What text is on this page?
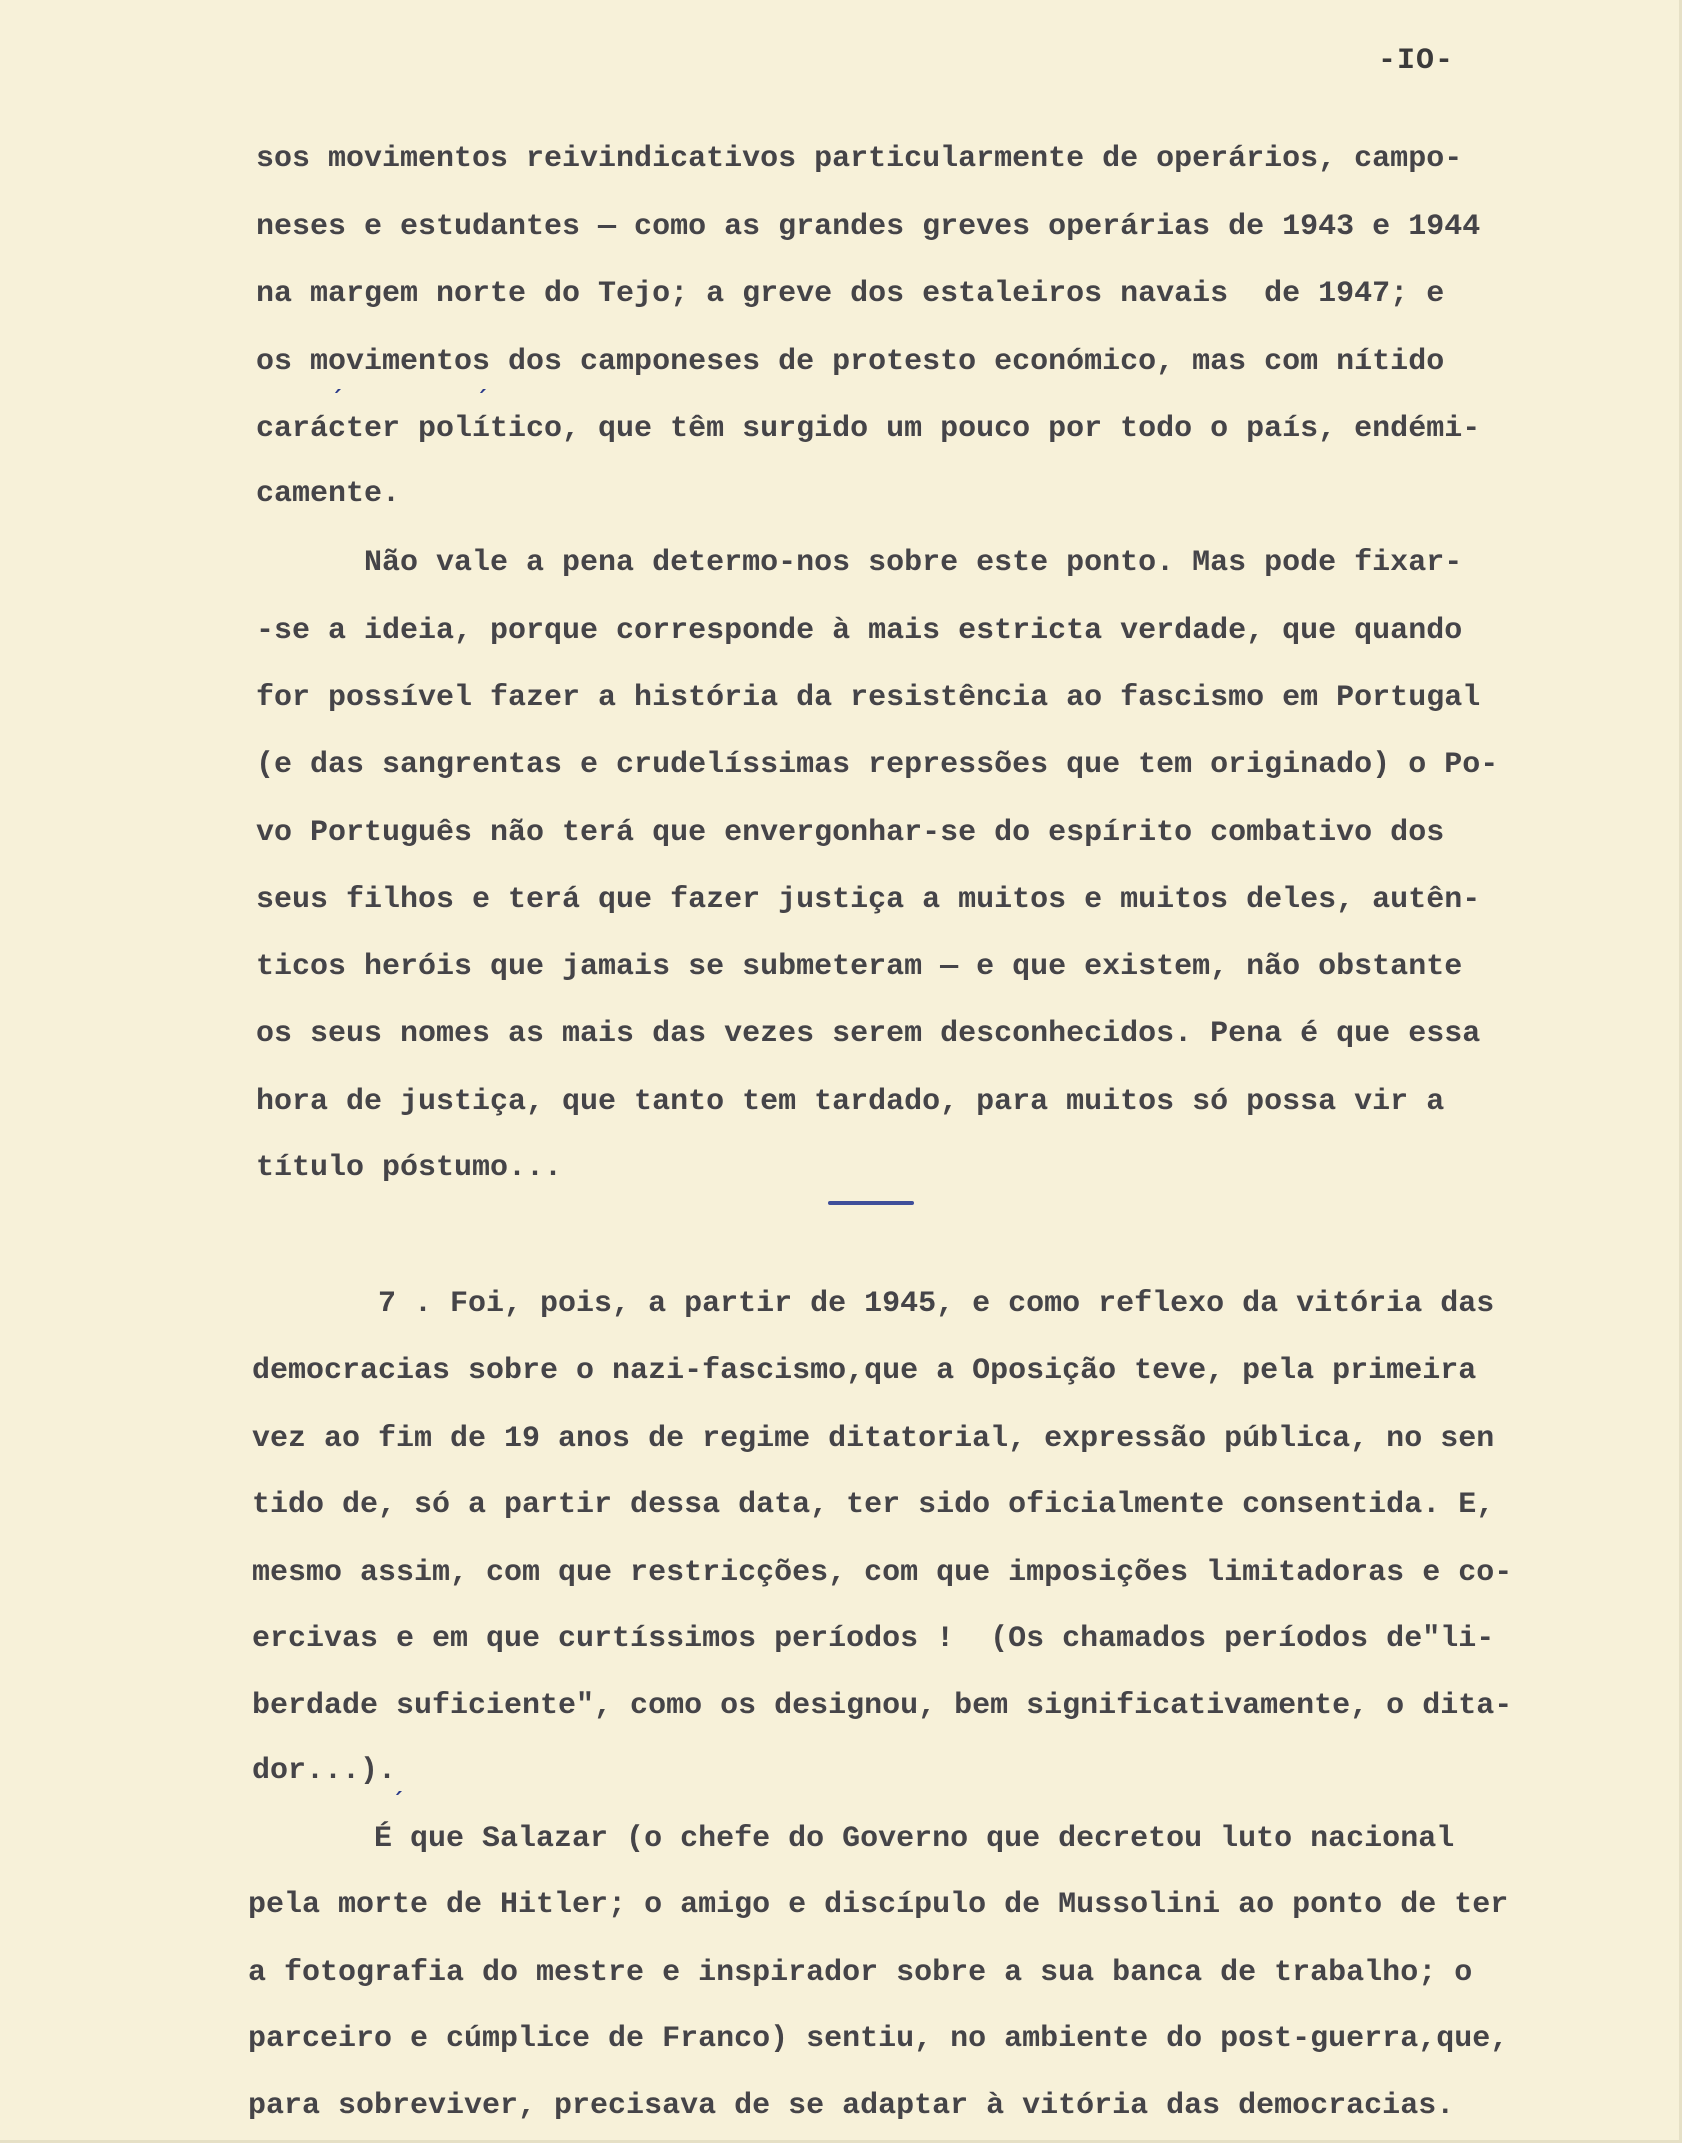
-IO-

sos movimentos reivindicativos particularmente de operários, campo-

neses e estudantes — como as grandes greves operárias de 1943 e 1944

na margem norte do Tejo; a greve dos estaleiros navais  de 1947; e

os movimentos dos camponeses de protesto económico, mas com nítido

carácter político, que têm surgido um pouco por todo o país, endémi-

camente.

Não vale a pena determo-nos sobre este ponto. Mas pode fixar-

-se a ideia, porque corresponde à mais estricta verdade, que quando

for possível fazer a história da resistência ao fascismo em Portugal

(e das sangrentas e crudelíssimas repressões que tem originado) o Po-

vo Português não terá que envergonhar-se do espírito combativo dos

seus filhos e terá que fazer justiça a muitos e muitos deles, autên-

ticos heróis que jamais se submeteram — e que existem, não obstante

os seus nomes as mais das vezes serem desconhecidos. Pena é que essa

hora de justiça, que tanto tem tardado, para muitos só possa vir a

título póstumo...

7 . Foi, pois, a partir de 1945, e como reflexo da vitória das

democracias sobre o nazi-fascismo,que a Oposição teve, pela primeira

vez ao fim de 19 anos de regime ditatorial, expressão pública, no sen

tido de, só a partir dessa data, ter sido oficialmente consentida. E,

mesmo assim, com que restricções, com que imposições limitadoras e co-

ercivas e em que curtíssimos períodos !  (Os chamados períodos de"li-

berdade suficiente", como os designou, bem significativamente, o dita-

dor...).

É que Salazar (o chefe do Governo que decretou luto nacional

pela morte de Hitler; o amigo e discípulo de Mussolini ao ponto de ter

a fotografia do mestre e inspirador sobre a sua banca de trabalho; o

parceiro e cúmplice de Franco) sentiu, no ambiente do post-guerra,que,

para sobreviver, precisava de se adaptar à vitória das democracias.

´	´
´
